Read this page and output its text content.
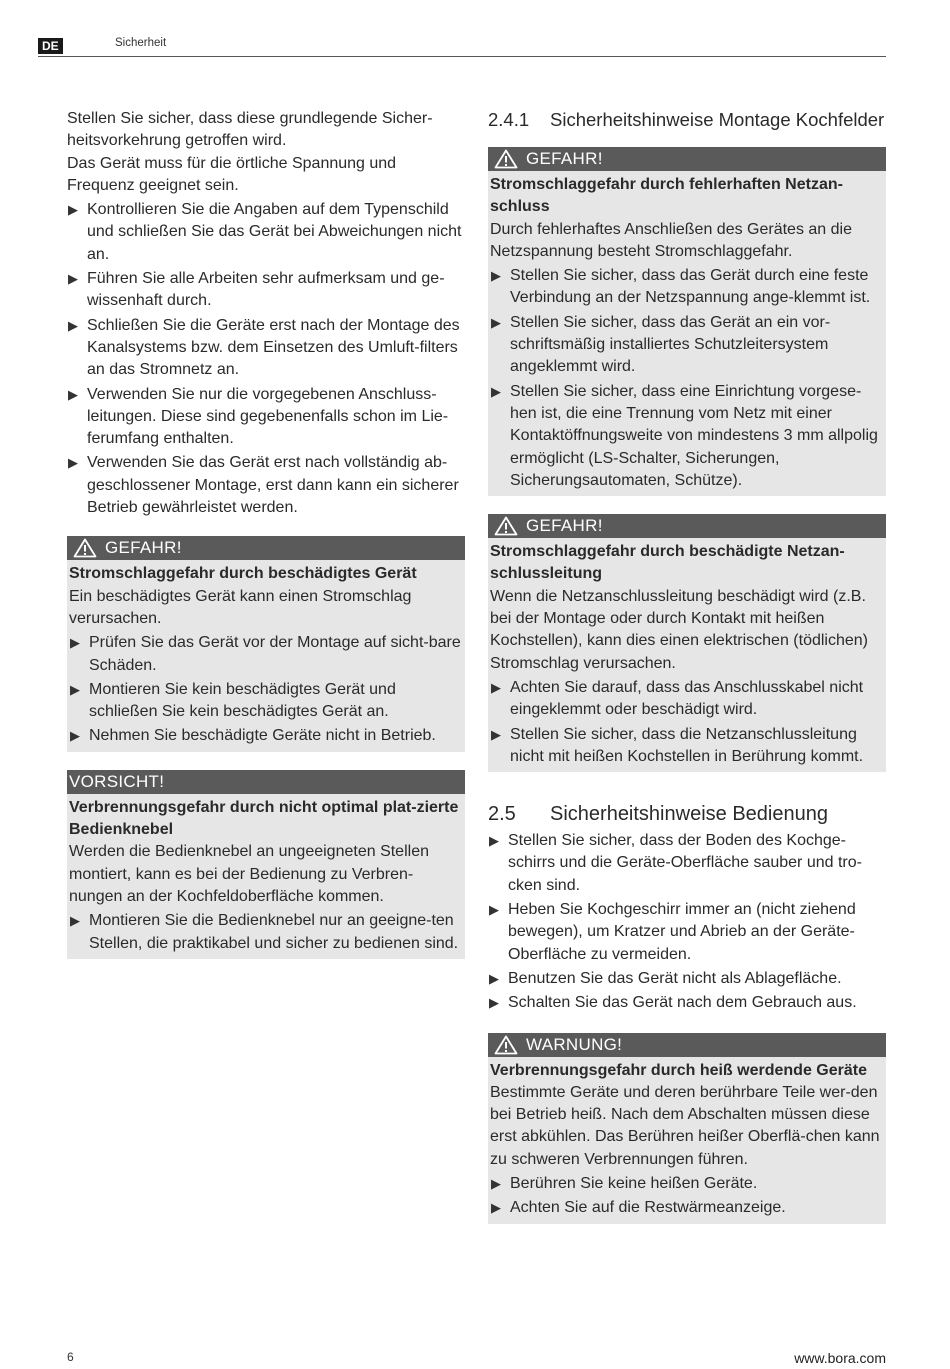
DE	Sicherheit

Stellen Sie sicher, dass diese grundlegende Sicher-heitsvorkehrung getroffen wird.

Das Gerät muss für die örtliche Spannung und Frequenz geeignet sein.

▶ Kontrollieren Sie die Angaben auf dem Typenschild und schließen Sie das Gerät bei Abweichungen nicht an.
▶ Führen Sie alle Arbeiten sehr aufmerksam und ge-wissenhaft durch.
▶ Schließen Sie die Geräte erst nach der Montage des Kanalsystems bzw. dem Einsetzen des Umluft-filters an das Stromnetz an.
▶ Verwenden Sie nur die vorgegebenen Anschluss-leitungen. Diese sind gegebenenfalls schon im Lie-ferumfang enthalten.
▶ Verwenden Sie das Gerät erst nach vollständig ab-geschlossener Montage, erst dann kann ein sicherer Betrieb gewährleistet werden.
GEFAHR!
Stromschlaggefahr durch beschädigtes Gerät

Ein beschädigtes Gerät kann einen Stromschlag verursachen.

▶ Prüfen Sie das Gerät vor der Montage auf sicht-bare Schäden.
▶ Montieren Sie kein beschädigtes Gerät und schließen Sie kein beschädigtes Gerät an.
▶ Nehmen Sie beschädigte Geräte nicht in Betrieb.
VORSICHT!
Verbrennungsgefahr durch nicht optimal plat-zierte Bedienknebel

Werden die Bedienknebel an ungeeigneten Stellen montiert, kann es bei der Bedienung zu Verbren-nungen an der Kochfeldoberfläche kommen.

▶ Montieren Sie die Bedienknebel nur an geeigne-ten Stellen, die praktikabel und sicher zu bedienen sind.
2.4.1	Sicherheitshinweise Montage Kochfelder
GEFAHR!
Stromschlaggefahr durch fehlerhaften Netzan-schluss

Durch fehlerhaftes Anschließen des Gerätes an die Netzspannung besteht Stromschlaggefahr.

▶ Stellen Sie sicher, dass das Gerät durch eine feste Verbindung an der Netzspannung ange-klemmt ist.
▶ Stellen Sie sicher, dass das Gerät an ein vor-schriftsmäßig installiertes Schutzleitersystem angeklemmt wird.
▶ Stellen Sie sicher, dass eine Einrichtung vorgese-hen ist, die eine Trennung vom Netz mit einer Kontaktöffnungsweite von mindestens 3 mm allpolig ermöglicht (LS-Schalter, Sicherungen, Sicherungsautomaten, Schütze).
GEFAHR!
Stromschlaggefahr durch beschädigte Netzan-schlussleitung

Wenn die Netzanschlussleitung beschädigt wird (z.B. bei der Montage oder durch Kontakt mit heißen Kochstellen), kann dies einen elektrischen (tödlichen) Stromschlag verursachen.

▶ Achten Sie darauf, dass das Anschlusskabel nicht eingeklemmt oder beschädigt wird.
▶ Stellen Sie sicher, dass die Netzanschlussleitung nicht mit heißen Kochstellen in Berührung kommt.
2.5	Sicherheitshinweise Bedienung
▶ Stellen Sie sicher, dass der Boden des Kochge-schirrs und die Geräte-Oberfläche sauber und tro-cken sind.
▶ Heben Sie Kochgeschirr immer an (nicht ziehend bewegen), um Kratzer und Abrieb an der Geräte-Oberfläche zu vermeiden.
▶ Benutzen Sie das Gerät nicht als Ablagefläche.
▶ Schalten Sie das Gerät nach dem Gebrauch aus.
WARNUNG!
Verbrennungsgefahr durch heiß werdende Geräte

Bestimmte Geräte und deren berührbare Teile wer-den bei Betrieb heiß. Nach dem Abschalten müssen diese erst abkühlen. Das Berühren heißer Oberflä-chen kann zu schweren Verbrennungen führen.

▶ Berühren Sie keine heißen Geräte.
▶ Achten Sie auf die Restwärmeanzeige.
6	www.bora.com
